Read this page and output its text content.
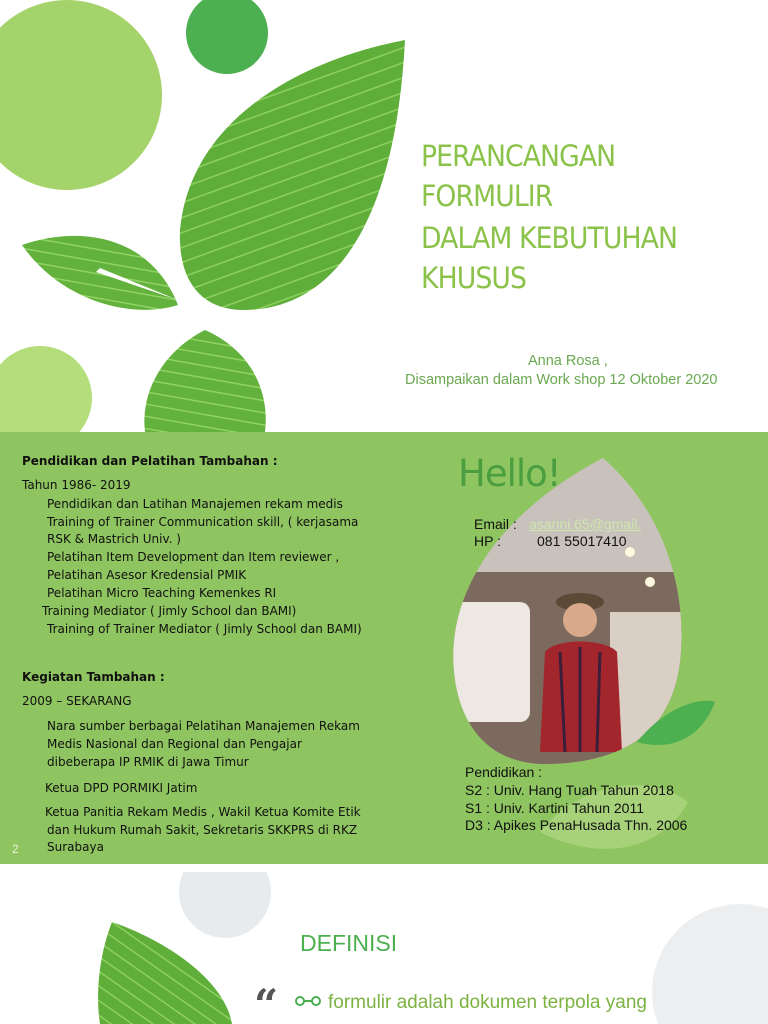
PERANCANGAN
FORMULIR
DALAM KEBUTUHAN
KHUSUS
Anna Rosa ,
Disampaikan dalam Work shop 12 Oktober 2020
Pendidikan dan Pelatihan Tambahan :
Tahun 1986- 2019
Pendidikan dan Latihan Manajemen rekam medis
Training of Trainer Communication skill, ( kerjasama
RSK & Mastrich Univ. )
Pelatihan Item Development dan Item reviewer ,
Pelatihan Asesor Kredensial PMIK
Pelatihan Micro Teaching Kemenkes RI
Training Mediator ( Jimly School dan BAMI)
Training of Trainer Mediator ( Jimly School dan BAMI)
Kegiatan Tambahan :
2009 – SEKARANG
Nara sumber berbagai Pelatihan Manajemen Rekam
Medis Nasional dan Regional dan Pengajar
dibeberapa IP RMIK di Jawa Timur
Ketua DPD PORMIKI Jatim
Ketua Panitia Rekam Medis , Wakil Ketua Komite Etik
dan Hukum Rumah Sakit, Sekretaris SKKPRS di RKZ
Surabaya
Hello!
Email : asarini.65@gmail.
HP :	081 55017410
Pendidikan :
S2 : Univ. Hang Tuah Tahun 2018
S1 : Univ. Kartini Tahun 2011
D3 : Apikes PenaHusada Thn. 2006
2
DEFINISI
“	formulir adalah dokumen terpola yang
